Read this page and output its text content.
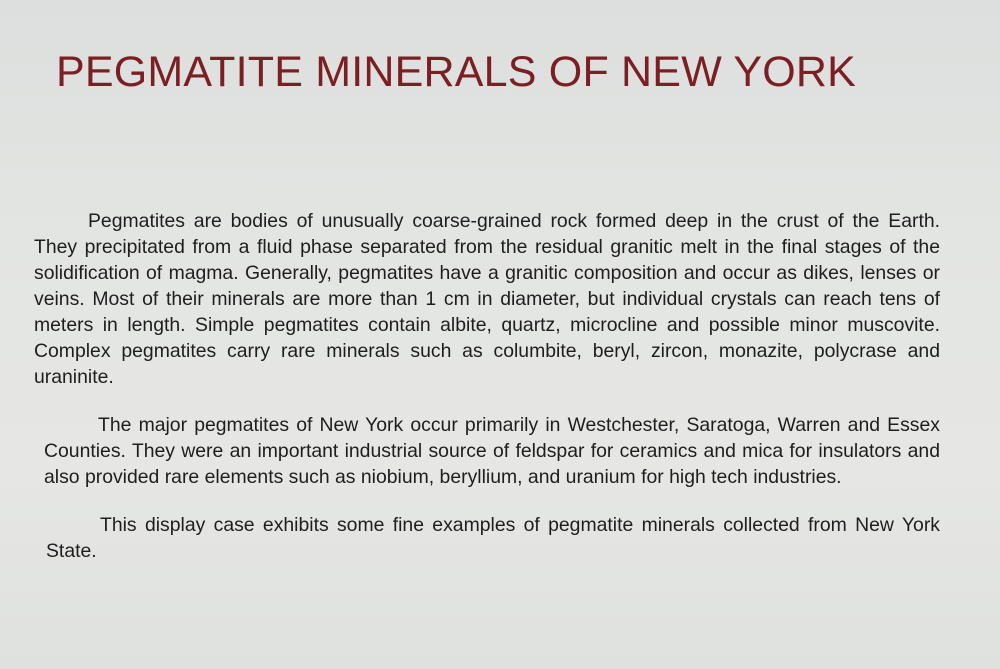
PEGMATITE MINERALS OF NEW YORK

Pegmatites are bodies of unusually coarse-grained rock formed deep in the crust of the Earth. They precipitated from a fluid phase separated from the residual granitic melt in the final stages of the solidification of magma. Generally, pegmatites have a granitic composition and occur as dikes, lenses or veins. Most of their minerals are more than 1 cm in diameter, but individual crystals can reach tens of meters in length. Simple pegmatites contain albite, quartz, microcline and possible minor muscovite. Complex pegmatites carry rare minerals such as columbite, beryl, zircon, monazite, polycrase and uraninite.

The major pegmatites of New York occur primarily in Westchester, Saratoga, Warren and Essex Counties. They were an important industrial source of feldspar for ceramics and mica for insulators and also provided rare elements such as niobium, beryllium, and uranium for high tech industries.

This display case exhibits some fine examples of pegmatite minerals collected from New York State.
